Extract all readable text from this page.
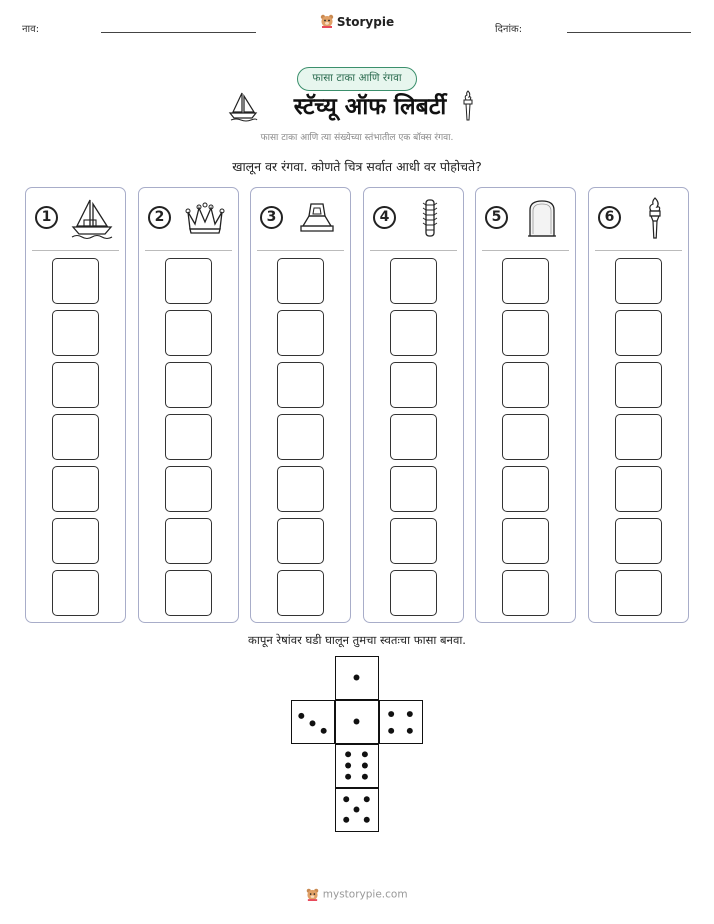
नाव:
Storypie
दिनांक:
फासा टाका आणि रंगवा
स्टॅच्यू ऑफ लिबर्टी
फासा टाका आणि त्या संख्येच्या स्तंभातील एक बॉक्स रंगवा.
खालून वर रंगवा. कोणते चित्र सर्वात आधी वर पोहोचते?
1	2	3	4	5	6
कापून रेषांवर घडी घालून तुमचा स्वतःचा फासा बनवा.
mystorypie.com
